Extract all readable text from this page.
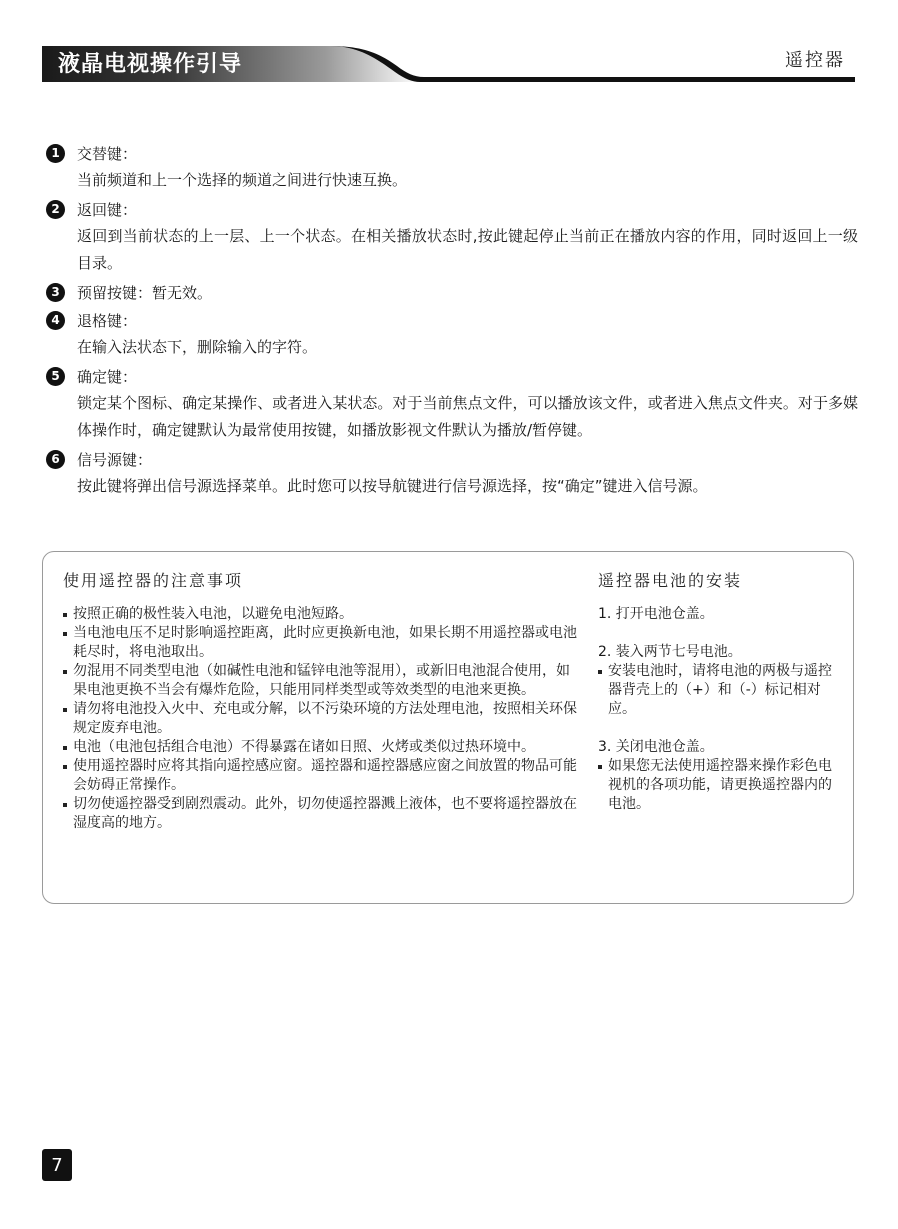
液晶电视操作引导	遥控器
1	交替键：
当前频道和上一个选择的频道之间进行快速互换。
2	返回键：
返回到当前状态的上一层、上一个状态。在相关播放状态时,按此键起停止当前正在播放内容的作用，同时返回上一级目录。
3	预留按键：暂无效。
4	退格键：
在输入法状态下，删除输入的字符。
5	确定键：
锁定某个图标、确定某操作、或者进入某状态。对于当前焦点文件，可以播放该文件，或者进入焦点文件夹。对于多媒体操作时，确定键默认为最常使用按键，如播放影视文件默认为播放/暂停键。
6	信号源键：
按此键将弹出信号源选择菜单。此时您可以按导航键进行信号源选择，按“确定”键进入信号源。
使用遥控器的注意事项
按照正确的极性装入电池，以避免电池短路。
当电池电压不足时影响遥控距离，此时应更换新电池，如果长期不用遥控器或电池耗尽时，将电池取出。
勿混用不同类型电池（如碱性电池和锰锌电池等混用），或新旧电池混合使用，如果电池更换不当会有爆炸危险，只能用同样类型或等效类型的电池来更换。
请勿将电池投入火中、充电或分解，以不污染环境的方法处理电池，按照相关环保规定废弃电池。
电池（电池包括组合电池）不得暴露在诸如日照、火烤或类似过热环境中。
使用遥控器时应将其指向遥控感应窗。遥控器和遥控器感应窗之间放置的物品可能会妨碍正常操作。
切勿使遥控器受到剧烈震动。此外，切勿使遥控器溅上液体，也不要将遥控器放在湿度高的地方。
遥控器电池的安装
1. 打开电池仓盖。
2. 装入两节七号电池。
安装电池时，请将电池的两极与遥控器背壳上的（+）和（-）标记相对应。
3. 关闭电池仓盖。
如果您无法使用遥控器来操作彩色电视机的各项功能，请更换遥控器内的电池。
7
